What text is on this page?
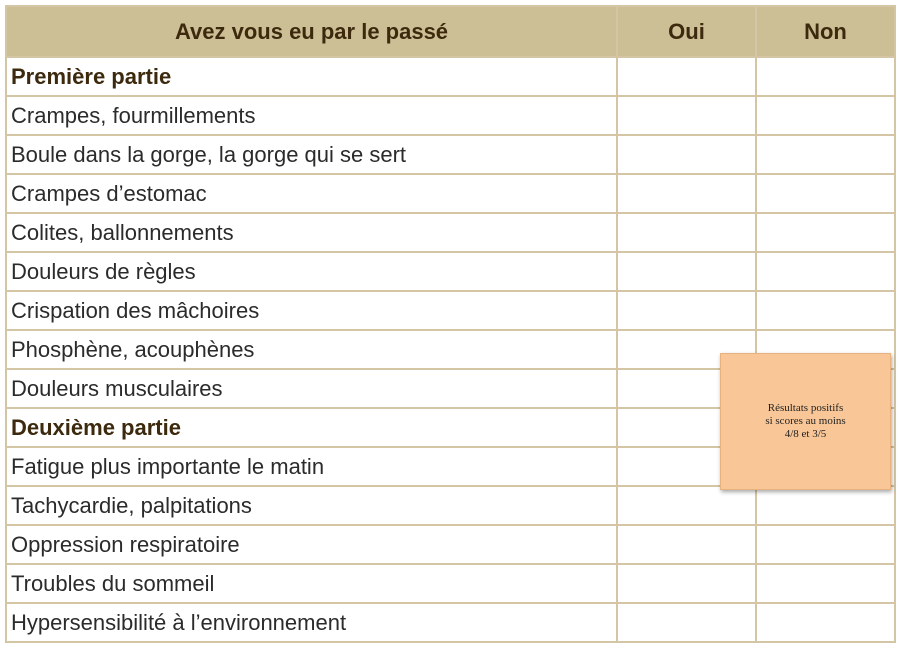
Avez vous eu par le passé	Oui	Non
Première partie		
Crampes, fourmillements		
Boule dans la gorge, la gorge qui se sert		
Crampes d’estomac		
Colites, ballonnements		
Douleurs de règles		
Crispation des mâchoires		
Phosphène, acouphènes		
Douleurs musculaires		
Deuxième partie		
Fatigue plus importante le matin		
Tachycardie, palpitations		
Oppression respiratoire		
Troubles du sommeil		
Hypersensibilité à l’environnement		
Résultats positifs
si scores au moins
4/8 et 3/5
